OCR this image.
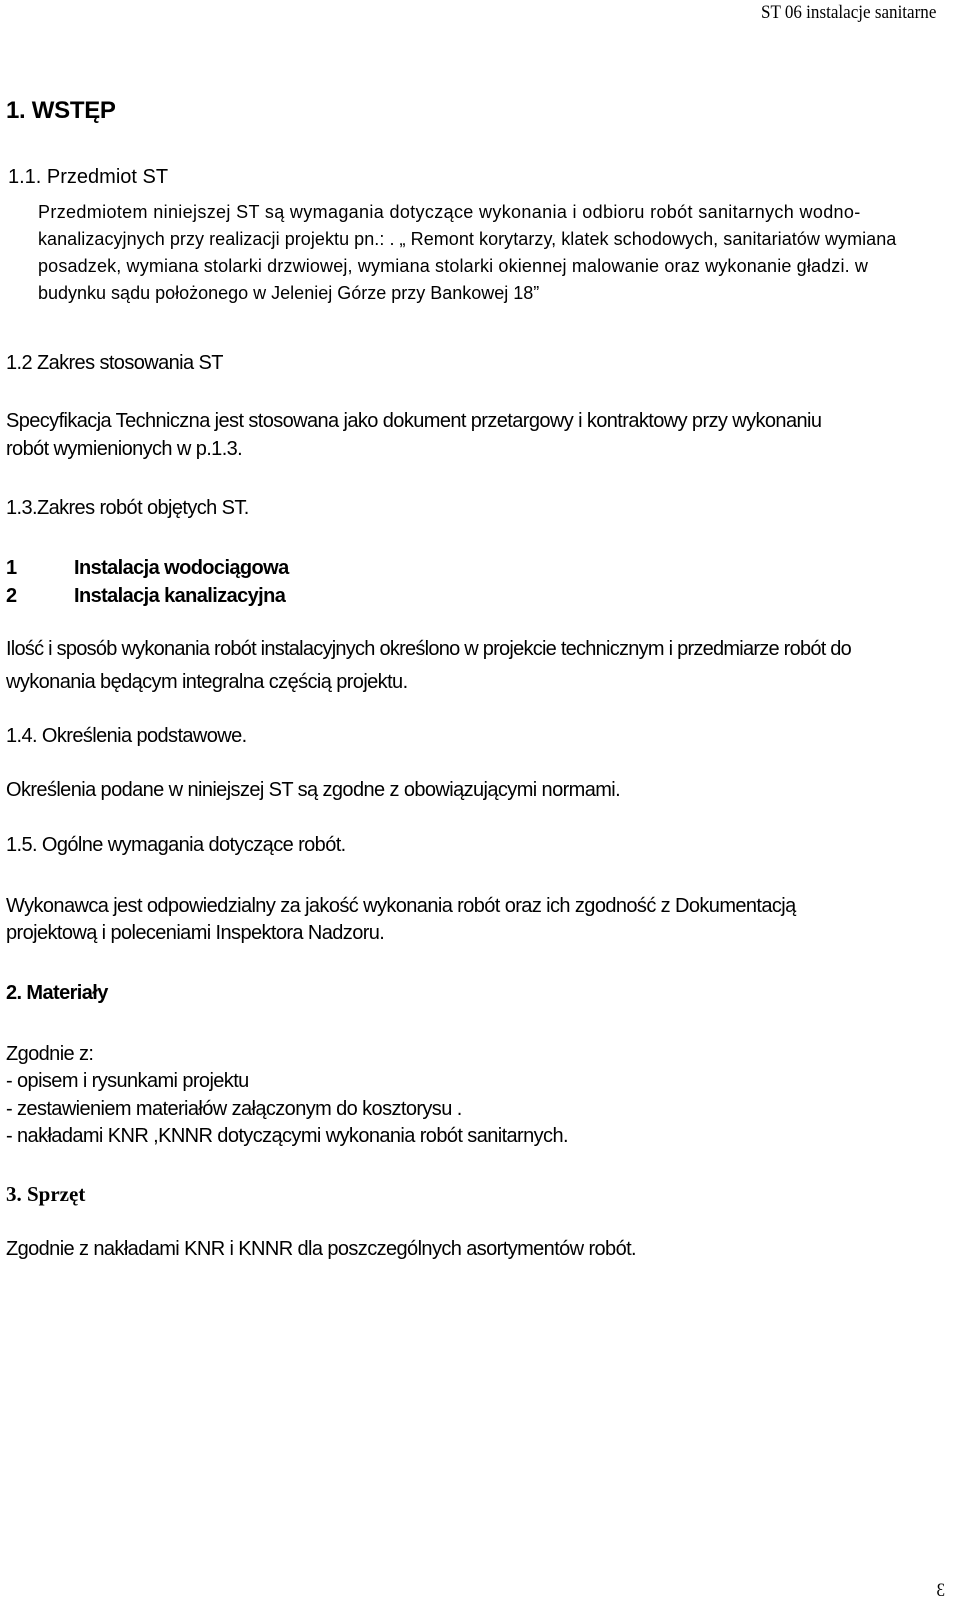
ST 06 instalacje sanitarne
1. WSTĘP
1.1. Przedmiot ST
Przedmiotem niniejszej ST są wymagania dotyczące wykonania i odbioru robót sanitarnych wodno-
kanalizacyjnych przy realizacji projektu pn.: . „ Remont korytarzy, klatek schodowych, sanitariatów wymiana
posadzek, wymiana stolarki drzwiowej, wymiana stolarki okiennej malowanie oraz wykonanie gładzi. w
budynku sądu położonego w Jeleniej Górze przy Bankowej 18”
1.2 Zakres stosowania ST
Specyfikacja Techniczna jest stosowana jako dokument przetargowy i kontraktowy przy wykonaniu
robót wymienionych w p.1.3.
1.3.Zakres robót objętych ST.
1	Instalacja wodociągowa
2	Instalacja kanalizacyjna
Ilość i sposób wykonania robót instalacyjnych określono w projekcie technicznym i przedmiarze robót do
wykonania będącym integralna częścią projektu.
1.4. Określenia podstawowe.
Określenia podane w niniejszej ST są zgodne z obowiązującymi normami.
1.5. Ogólne wymagania dotyczące robót.
Wykonawca jest odpowiedzialny za jakość wykonania robót oraz ich zgodność z Dokumentacją
projektową i poleceniami Inspektora Nadzoru.
2. Materiały
Zgodnie z:
- opisem i rysunkami projektu
- zestawieniem materiałów załączonym do kosztorysu .
- nakładami KNR ,KNNR dotyczącymi wykonania robót sanitarnych.
3. Sprzęt
Zgodnie z nakładami KNR i KNNR dla poszczególnych asortymentów robót.
3
